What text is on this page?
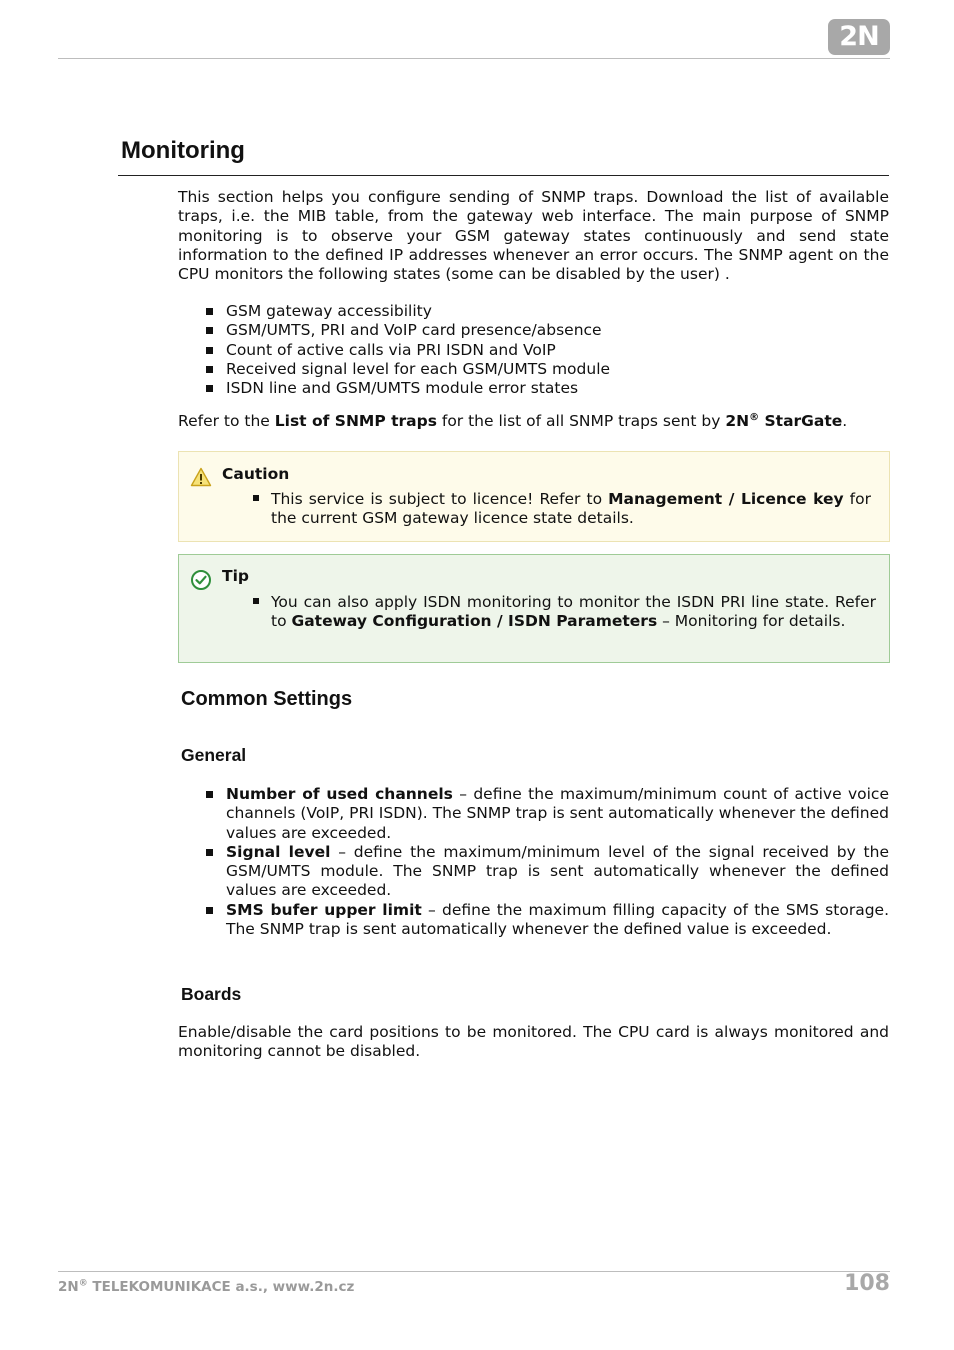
2N
Monitoring

This section helps you configure sending of SNMP traps. Download the list of available traps, i.e. the MIB table, from the gateway web interface. The main purpose of SNMP monitoring is to observe your GSM gateway states continuously and send state information to the defined IP addresses whenever an error occurs. The SNMP agent on the CPU monitors the following states (some can be disabled by the user) .

GSM gateway accessibility
GSM/UMTS, PRI and VoIP card presence/absence
Count of active calls via PRI ISDN and VoIP
Received signal level for each GSM/UMTS module
ISDN line and GSM/UMTS module error states

Refer to the List of SNMP traps for the list of all SNMP traps sent by 2N® StarGate.

Caution
This service is subject to licence! Refer to Management / Licence key for the current GSM gateway licence state details.
Tip
You can also apply ISDN monitoring to monitor the ISDN PRI line state. Refer to Gateway Configuration / ISDN Parameters – Monitoring for details.
Common Settings
General
Number of used channels – define the maximum/minimum count of active voice channels (VoIP, PRI ISDN). The SNMP trap is sent automatically whenever the defined values are exceeded.
Signal level – define the maximum/minimum level of the signal received by the GSM/UMTS module. The SNMP trap is sent automatically whenever the defined values are exceeded.
SMS bufer upper limit – define the maximum filling capacity of the SMS storage. The SNMP trap is sent automatically whenever the defined value is exceeded.
Boards

Enable/disable the card positions to be monitored. The CPU card is always monitored and monitoring cannot be disabled.

2N® TELEKOMUNIKACE a.s., www.2n.cz	108
